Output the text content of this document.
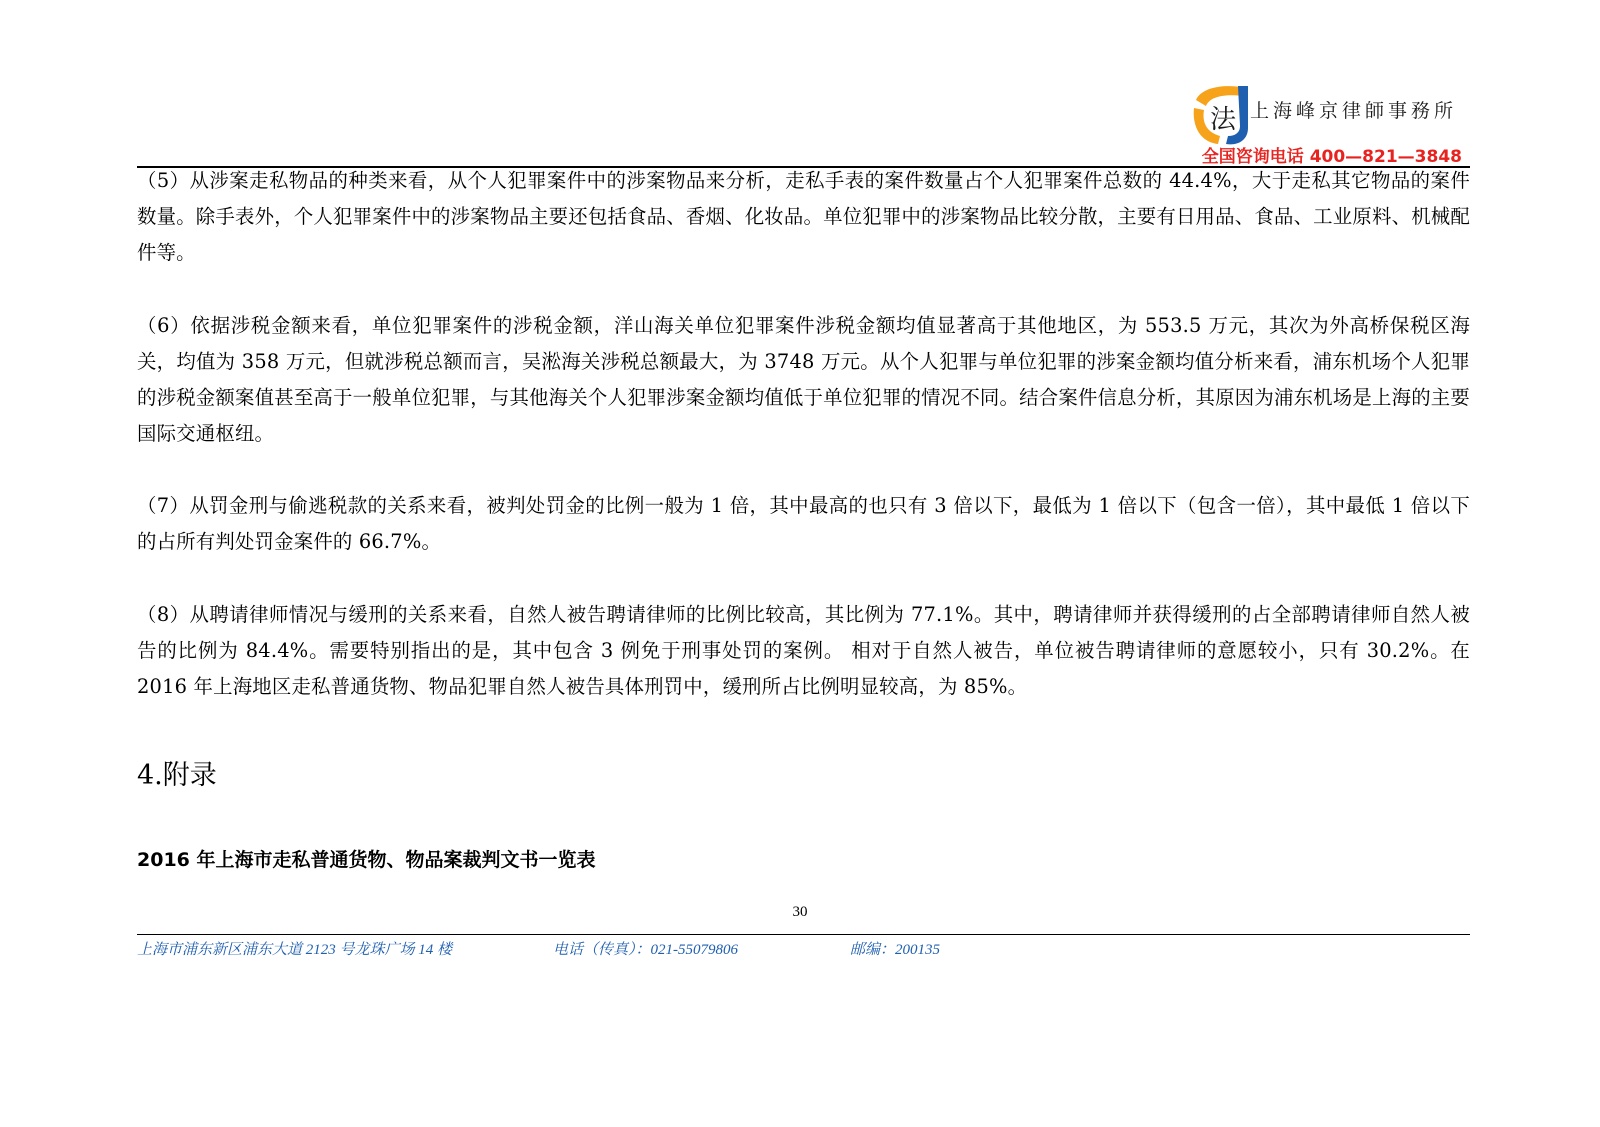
法 上海峰京律師事務所
全国咨询电话 400—821—3848

（5）从涉案走私物品的种类来看，从个人犯罪案件中的涉案物品来分析，走私手表的案件数量占个人犯罪案件总数的 44.4%，大于走私其它物品的案件数量。除手表外，个人犯罪案件中的涉案物品主要还包括食品、香烟、化妆品。单位犯罪中的涉案物品比较分散，主要有日用品、食品、工业原料、机械配件等。

（6）依据涉税金额来看，单位犯罪案件的涉税金额，洋山海关单位犯罪案件涉税金额均值显著高于其他地区，为 553.5 万元，其次为外高桥保税区海关，均值为 358 万元，但就涉税总额而言，吴淞海关涉税总额最大，为 3748 万元。从个人犯罪与单位犯罪的涉案金额均值分析来看，浦东机场个人犯罪的涉税金额案值甚至高于一般单位犯罪，与其他海关个人犯罪涉案金额均值低于单位犯罪的情况不同。结合案件信息分析，其原因为浦东机场是上海的主要国际交通枢纽。

（7）从罚金刑与偷逃税款的关系来看，被判处罚金的比例一般为 1 倍，其中最高的也只有 3 倍以下，最低为 1 倍以下（包含一倍），其中最低 1 倍以下的占所有判处罚金案件的 66.7%。

（8）从聘请律师情况与缓刑的关系来看，自然人被告聘请律师的比例比较高，其比例为 77.1%。其中，聘请律师并获得缓刑的占全部聘请律师自然人被告的比例为 84.4%。需要特别指出的是，其中包含 3 例免于刑事处罚的案例。 相对于自然人被告，单位被告聘请律师的意愿较小，只有 30.2%。在 2016 年上海地区走私普通货物、物品犯罪自然人被告具体刑罚中，缓刑所占比例明显较高，为 85%。

4.附录
2016 年上海市走私普通货物、物品案裁判文书一览表
30
上海市浦东新区浦东大道 2123 号龙珠广场 14 楼	电话（传真）：021-55079806	邮编：200135
